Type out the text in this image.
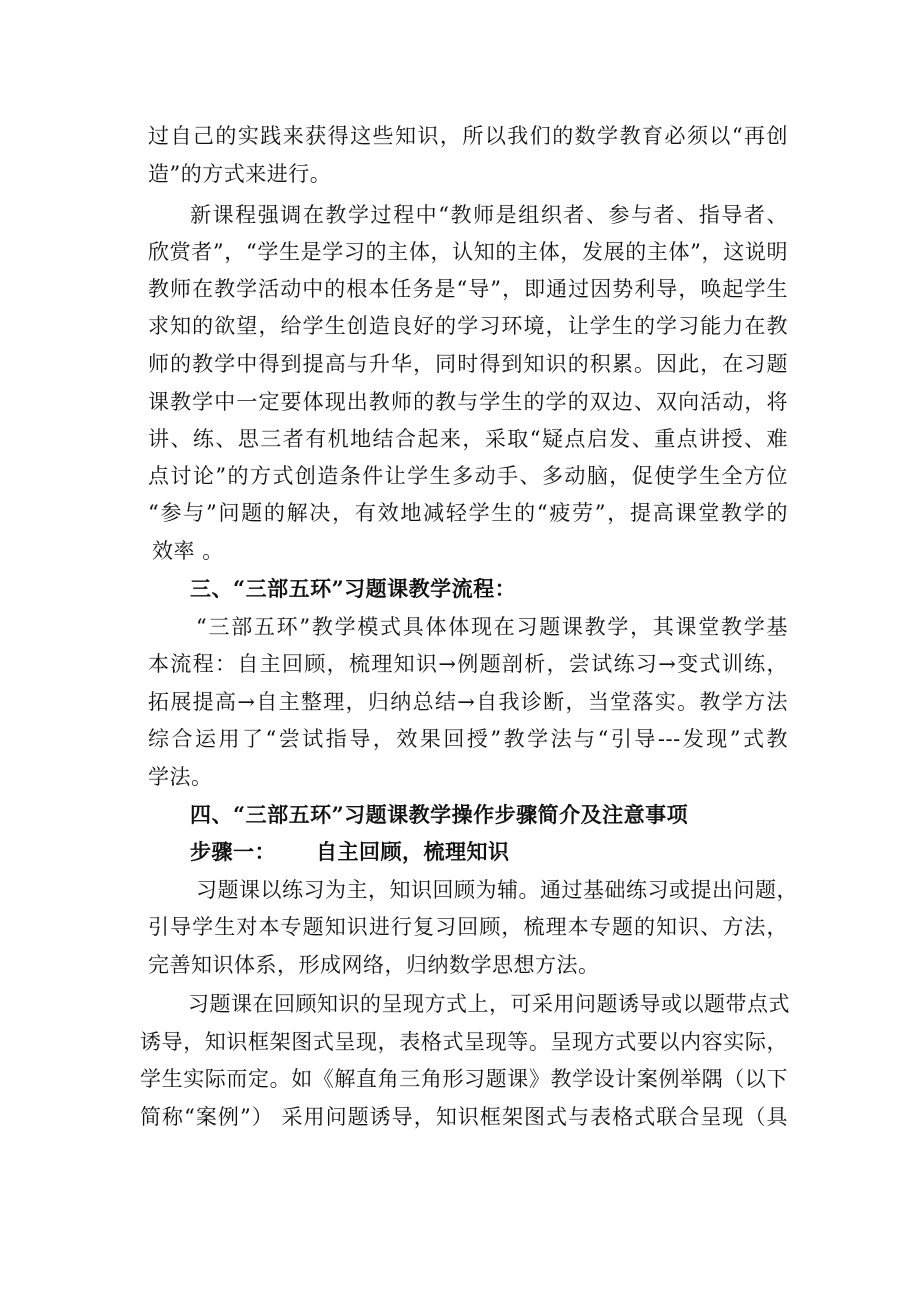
过自己的实践来获得这些知识，所以我们的数学教育必须以“再创
造”的方式来进行。
新课程强调在教学过程中“教师是组织者、参与者、指导者、
欣赏者”，“学生是学习的主体，认知的主体，发展的主体”，这说明
教师在教学活动中的根本任务是“导”，即通过因势利导，唤起学生
求知的欲望，给学生创造良好的学习环境，让学生的学习能力在教
师的教学中得到提高与升华，同时得到知识的积累。因此，在习题
课教学中一定要体现出教师的教与学生的学的双边、双向活动，将
讲、练、思三者有机地结合起来，采取“疑点启发、重点讲授、难
点讨论”的方式创造条件让学生多动手、多动脑，促使学生全方位
“参与”问题的解决，有效地减轻学生的“疲劳”，提高课堂教学的
效率 。
三、“三部五环”习题课教学流程：
“三部五环”教学模式具体体现在习题课教学，其课堂教学基
本流程：自主回顾，梳理知识→例题剖析，尝试练习→变式训练，
拓展提高→自主整理，归纳总结→自我诊断，当堂落实。教学方法
综合运用了“尝试指导，效果回授”教学法与“引导---发现”式教
学法。
四、“三部五环”习题课教学操作步骤简介及注意事项
步骤一： 自主回顾，梳理知识
习题课以练习为主，知识回顾为辅。通过基础练习或提出问题，
引导学生对本专题知识进行复习回顾，梳理本专题的知识、方法，
完善知识体系，形成网络，归纳数学思想方法。
习题课在回顾知识的呈现方式上，可采用问题诱导或以题带点式
诱导，知识框架图式呈现，表格式呈现等。呈现方式要以内容实际，
学生实际而定。如《解直角三角形习题课》教学设计案例举隅（以下
简称“案例”） 采用问题诱导，知识框架图式与表格式联合呈现（具
